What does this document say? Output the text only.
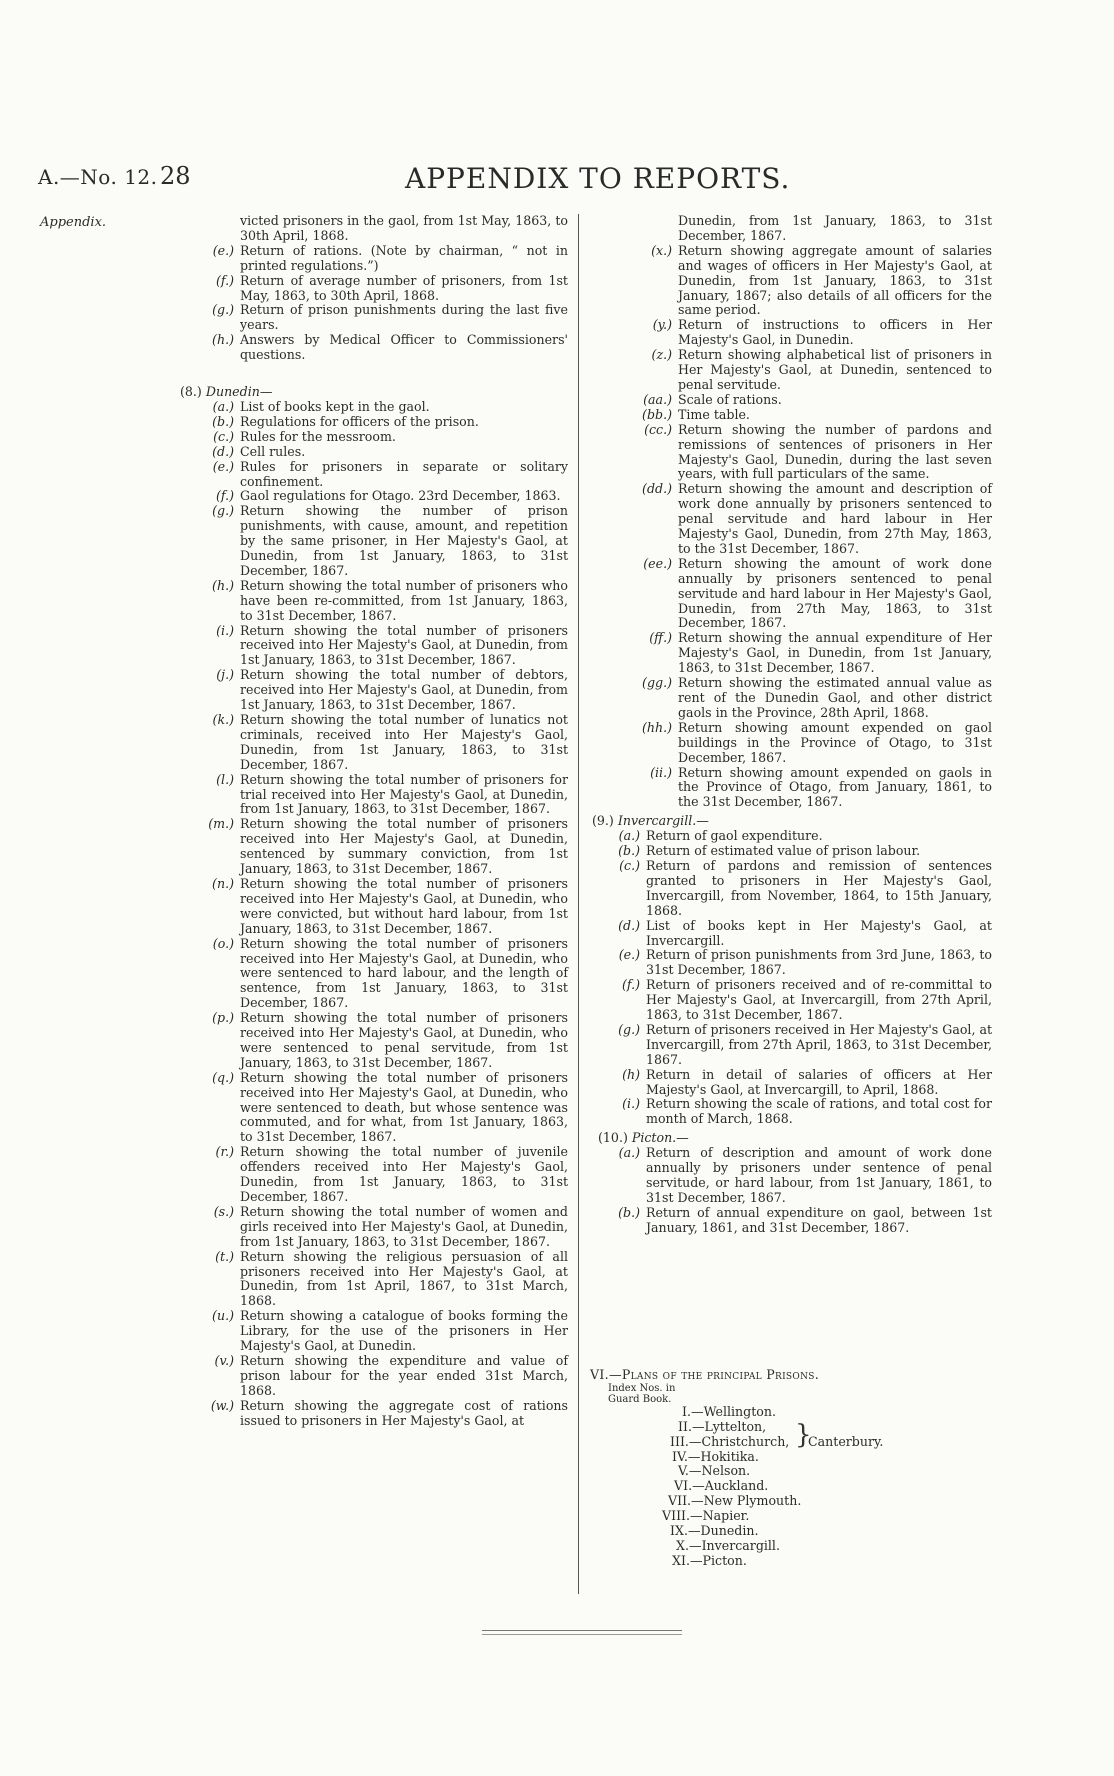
A.—No. 12. 28	APPENDIX TO REPORTS.
Appendix.	victed prisoners in the gaol, from 1st May, 1863, to 30th April, 1868.
(e.) Return of rations. (Note by chairman, “ not in printed regulations.”)
(f.) Return of average number of prisoners, from 1st May, 1863, to 30th April, 1868.
(g.) Return of prison punishments during the last five years.
(h.) Answers by Medical Officer to Commissioners' questions.
(8.) Dunedin—
(a.) List of books kept in the gaol.
(b.) Regulations for officers of the prison.
(c.) Rules for the messroom.
(d.) Cell rules.
(e.) Rules for prisoners in separate or solitary confinement.
(f.) Gaol regulations for Otago. 23rd December, 1863.
(g.) Return showing the number of prison punishments, with cause, amount, and repetition by the same prisoner, in Her Majesty's Gaol, at Dunedin, from 1st January, 1863, to 31st December, 1867.
(h.) Return showing the total number of prisoners who have been re-committed, from 1st January, 1863, to 31st December, 1867.
(i.) Return showing the total number of prisoners received into Her Majesty's Gaol, at Dunedin, from 1st January, 1863, to 31st December, 1867.
(j.) Return showing the total number of debtors, received into Her Majesty's Gaol, at Dunedin, from 1st January, 1863, to 31st December, 1867.
(k.) Return showing the total number of lunatics not criminals, received into Her Majesty's Gaol, Dunedin, from 1st January, 1863, to 31st December, 1867.
(l.) Return showing the total number of prisoners for trial received into Her Majesty's Gaol, at Dunedin, from 1st January, 1863, to 31st December, 1867.
(m.) Return showing the total number of prisoners received into Her Majesty's Gaol, at Dunedin, sentenced by summary conviction, from 1st January, 1863, to 31st December, 1867.
(n.) Return showing the total number of prisoners received into Her Majesty's Gaol, at Dunedin, who were convicted, but without hard labour, from 1st January, 1863, to 31st December, 1867.
(o.) Return showing the total number of prisoners received into Her Majesty's Gaol, at Dunedin, who were sentenced to hard labour, and the length of sentence, from 1st January, 1863, to 31st December, 1867.
(p.) Return showing the total number of prisoners received into Her Majesty's Gaol, at Dunedin, who were sentenced to penal servitude, from 1st January, 1863, to 31st December, 1867.
(q.) Return showing the total number of prisoners received into Her Majesty's Gaol, at Dunedin, who were sentenced to death, but whose sentence was commuted, and for what, from 1st January, 1863, to 31st December, 1867.
(r.) Return showing the total number of juvenile offenders received into Her Majesty's Gaol, Dunedin, from 1st January, 1863, to 31st December, 1867.
(s.) Return showing the total number of women and girls received into Her Majesty's Gaol, at Dunedin, from 1st January, 1863, to 31st December, 1867.
(t.) Return showing the religious persuasion of all prisoners received into Her Majesty's Gaol, at Dunedin, from 1st April, 1867, to 31st March, 1868.
(u.) Return showing a catalogue of books forming the Library, for the use of the prisoners in Her Majesty's Gaol, at Dunedin.
(v.) Return showing the expenditure and value of prison labour for the year ended 31st March, 1868.
(w.) Return showing the aggregate cost of rations issued to prisoners in Her Majesty's Gaol, at
Dunedin, from 1st January, 1863, to 31st December, 1867.
(x.) Return showing aggregate amount of salaries and wages of officers in Her Majesty's Gaol, at Dunedin, from 1st January, 1863, to 31st January, 1867; also details of all officers for the same period.
(y.) Return of instructions to officers in Her Majesty's Gaol, in Dunedin.
(z.) Return showing alphabetical list of prisoners in Her Majesty's Gaol, at Dunedin, sentenced to penal servitude.
(aa.) Scale of rations.
(bb.) Time table.
(cc.) Return showing the number of pardons and remissions of sentences of prisoners in Her Majesty's Gaol, Dunedin, during the last seven years, with full particulars of the same.
(dd.) Return showing the amount and description of work done annually by prisoners sentenced to penal servitude and hard labour in Her Majesty's Gaol, Dunedin, from 27th May, 1863, to the 31st December, 1867.
(ee.) Return showing the amount of work done annually by prisoners sentenced to penal servitude and hard labour in Her Majesty's Gaol, Dunedin, from 27th May, 1863, to 31st December, 1867.
(ff.) Return showing the annual expenditure of Her Majesty's Gaol, in Dunedin, from 1st January, 1863, to 31st December, 1867.
(gg.) Return showing the estimated annual value as rent of the Dunedin Gaol, and other district gaols in the Province, 28th April, 1868.
(hh.) Return showing amount expended on gaol buildings in the Province of Otago, to 31st December, 1867.
(ii.) Return showing amount expended on gaols in the Province of Otago, from January, 1861, to the 31st December, 1867.
(9.) Invercargill.—
(a.) Return of gaol expenditure.
(b.) Return of estimated value of prison labour.
(c.) Return of pardons and remission of sentences granted to prisoners in Her Majesty's Gaol, Invercargill, from November, 1864, to 15th January, 1868.
(d.) List of books kept in Her Majesty's Gaol, at Invercargill.
(e.) Return of prison punishments from 3rd June, 1863, to 31st December, 1867.
(f.) Return of prisoners received and of re-committal to Her Majesty's Gaol, at Invercargill, from 27th April, 1863, to 31st December, 1867.
(g.) Return of prisoners received in Her Majesty's Gaol, at Invercargill, from 27th April, 1863, to 31st December, 1867.
(h) Return in detail of salaries of officers at Her Majesty's Gaol, at Invercargill, to April, 1868.
(i.) Return showing the scale of rations, and total cost for month of March, 1868.
(10.) Picton.—
(a.) Return of description and amount of work done annually by prisoners under sentence of penal servitude, or hard labour, from 1st January, 1861, to 31st December, 1867.
(b.) Return of annual expenditure on gaol, between 1st January, 1861, and 31st December, 1867.
VI.—Plans of the principal Prisons.
Index Nos. in
Guard Book.
I.—Wellington.
II.—Lyttelton,
III.—Christchurch,
IV.—Hokitika.
V.—Nelson.
VI.—Auckland.
VII.—New Plymouth.
VIII.—Napier.
IX.—Dunedin.
X.—Invercargill.
XI.—Picton.
}
Canterbury.
